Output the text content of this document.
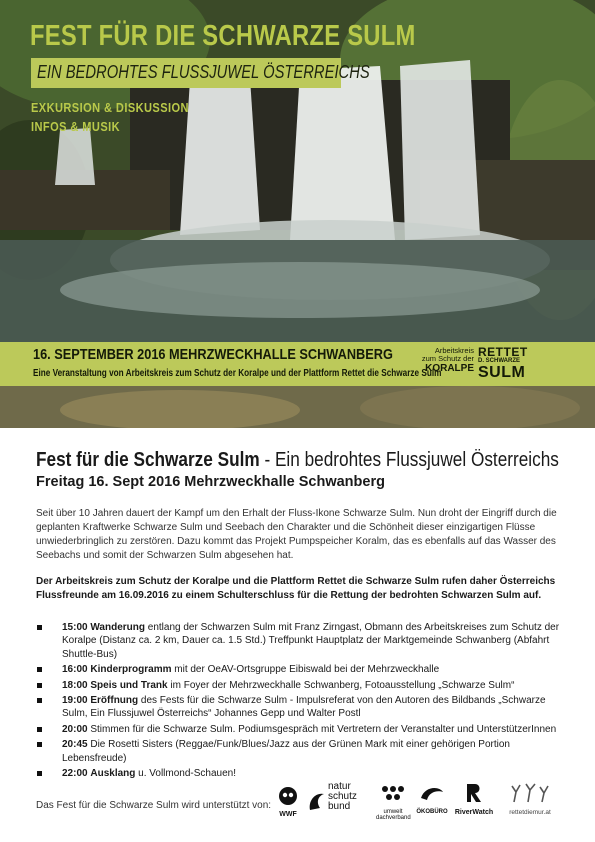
FEST FÜR DIE SCHWARZE SULM
EIN BEDROHTES FLUSSJUWEL ÖSTERREICHS
EXKURSION & DISKUSSION
INFOS & MUSIK
16. SEPTEMBER 2016 MEHRZWECKHALLE SCHWANBERG
Eine Veranstaltung von Arbeitskreis zum Schutz der Koralpe und der Plattform Rettet die Schwarze Sulm
Arbeitskreis
zum Schutz der
KORALPE
RETTET
D. SCHWARZE
SULM
Fest für die Schwarze Sulm - Ein bedrohtes Flussjuwel Österreichs
Freitag 16. Sept 2016 Mehrzweckhalle Schwanberg
Seit über 10 Jahren dauert der Kampf um den Erhalt der Fluss-Ikone Schwarze Sulm. Nun droht der Eingriff durch die geplanten Kraftwerke Schwarze Sulm und Seebach den Charakter und die Schönheit dieser einzigartigen Flüsse unwiederbringlich zu zerstören. Dazu kommt das Projekt Pumpspeicher Koralm, das es ebenfalls auf das Wasser des Seebachs und somit der Schwarzen Sulm abgesehen hat.
Der Arbeitskreis zum Schutz der Koralpe und die Plattform Rettet die Schwarze Sulm rufen daher Österreichs Flussfreunde am 16.09.2016 zu einem Schulterschluss für die Rettung der bedrohten Schwarzen Sulm auf.
15:00 Wanderung entlang der Schwarzen Sulm mit Franz Zirngast, Obmann des Arbeitskreises zum Schutz der Koralpe (Distanz ca. 2 km, Dauer ca. 1.5 Std.) Treffpunkt Hauptplatz der Marktgemeinde Schwanberg (Abfahrt Shuttle-Bus)
16:00 Kinderprogramm mit der OeAV-Ortsgruppe Eibiswald bei der Mehrzweckhalle
18:00 Speis und Trank im Foyer der Mehrzweckhalle Schwanberg, Fotoausstellung „Schwarze Sulm“
19:00 Eröffnung des Fests für die Schwarze Sulm - Impulsreferat von den Autoren des Bildbands „Schwarze Sulm, Ein Flussjuwel Österreichs“ Johannes Gepp und Walter Postl
20:00 Stimmen für die Schwarze Sulm. Podiumsgespräch mit Vertretern der Veranstalter und UnterstützerInnen
20:45 Die Rosetti Sisters (Reggae/Funk/Blues/Jazz aus der Grünen Mark mit einer gehörigen Portion Lebensfreude)
22:00 Ausklang u. Vollmond-Schauen!
Das Fest für die Schwarze Sulm wird unterstützt von:
WWF
natur schutz bund	umwelt dachverband
ÖKOBÜRO	RiverWatch	rettetdiemur.at
